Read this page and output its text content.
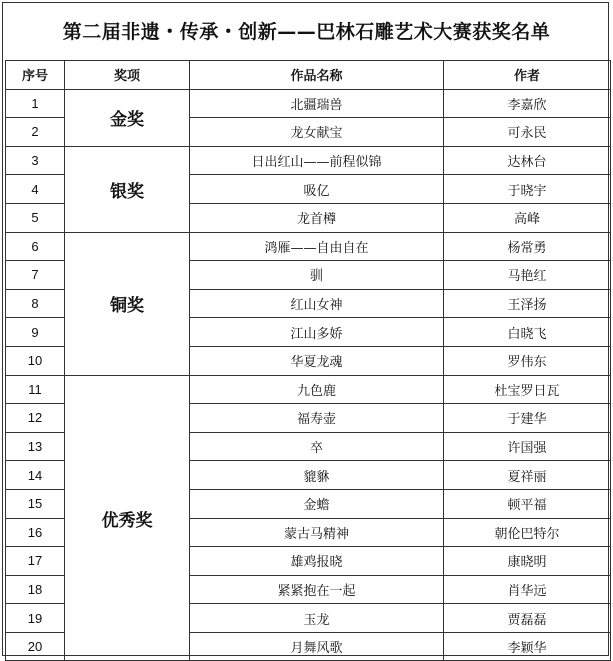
第二届非遗・传承・创新——巴林石雕艺术大赛获奖名单
序号	奖项	作品名称	作者
1	金奖	北疆瑞兽	李嘉欣
2		龙女献宝	可永民
3	银奖	日出红山——前程似锦	达林台
4		吸亿	于晓宇
5		龙首樽	高峰
6	铜奖	鸿雁——自由自在	杨常勇
7		驯	马艳红
8		红山女神	王泽扬
9		江山多娇	白晓飞
10		华夏龙魂	罗伟东
11	优秀奖	九色鹿	杜宝罗日瓦
12		福寿壶	于建华
13		卒	许国强
14		貔貅	夏祥丽
15		金蟾	顿平福
16		蒙古马精神	朝伦巴特尔
17		雄鸡报晓	康晓明
18		紧紧抱在一起	肖华远
19		玉龙	贾磊磊
20		月舞风歌	李颖华
